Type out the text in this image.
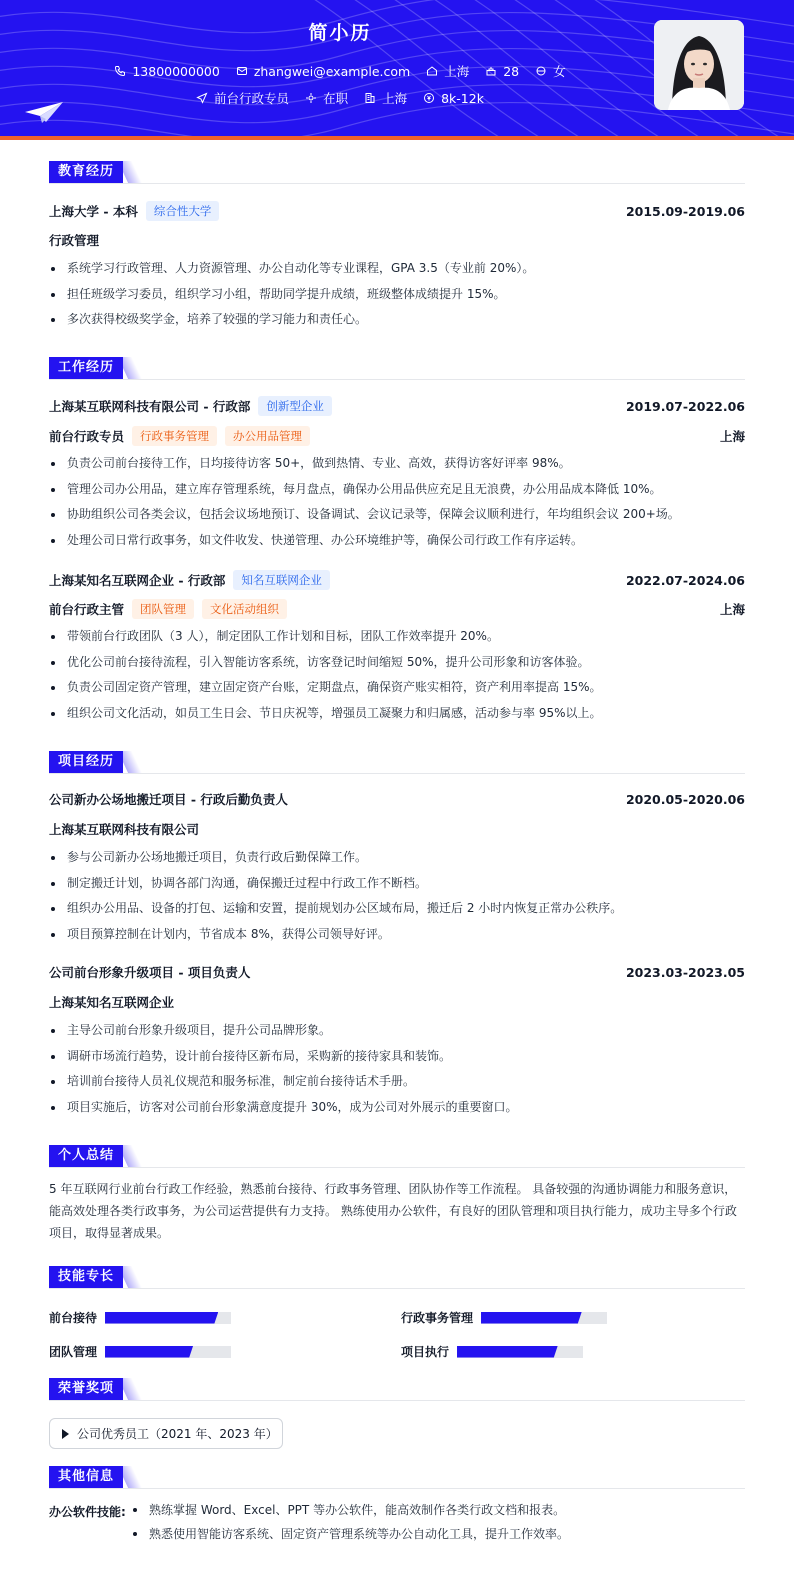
简小历
13800000000	zhangwei@example.com	上海	28	女
前台行政专员	在职	上海	8k-12k
教育经历
上海大学 - 本科	综合性大学	2015.09-2019.06
行政管理
系统学习行政管理、人力资源管理、办公自动化等专业课程，GPA 3.5（专业前 20%）。
担任班级学习委员，组织学习小组，帮助同学提升成绩，班级整体成绩提升 15%。
多次获得校级奖学金，培养了较强的学习能力和责任心。
工作经历
上海某互联网科技有限公司 - 行政部	创新型企业	2019.07-2022.06
前台行政专员	行政事务管理	办公用品管理	上海
负责公司前台接待工作，日均接待访客 50+，做到热情、专业、高效，获得访客好评率 98%。
管理公司办公用品，建立库存管理系统，每月盘点，确保办公用品供应充足且无浪费，办公用品成本降低 10%。
协助组织公司各类会议，包括会议场地预订、设备调试、会议记录等，保障会议顺利进行，年均组织会议 200+场。
处理公司日常行政事务，如文件收发、快递管理、办公环境维护等，确保公司行政工作有序运转。
上海某知名互联网企业 - 行政部	知名互联网企业	2022.07-2024.06
前台行政主管	团队管理	文化活动组织	上海
带领前台行政团队（3 人），制定团队工作计划和目标，团队工作效率提升 20%。
优化公司前台接待流程，引入智能访客系统，访客登记时间缩短 50%，提升公司形象和访客体验。
负责公司固定资产管理，建立固定资产台账，定期盘点，确保资产账实相符，资产利用率提高 15%。
组织公司文化活动，如员工生日会、节日庆祝等，增强员工凝聚力和归属感，活动参与率 95%以上。
项目经历
公司新办公场地搬迁项目 - 行政后勤负责人	2020.05-2020.06
上海某互联网科技有限公司
参与公司新办公场地搬迁项目，负责行政后勤保障工作。
制定搬迁计划，协调各部门沟通，确保搬迁过程中行政工作不断档。
组织办公用品、设备的打包、运输和安置，提前规划办公区域布局，搬迁后 2 小时内恢复正常办公秩序。
项目预算控制在计划内，节省成本 8%，获得公司领导好评。
公司前台形象升级项目 - 项目负责人	2023.03-2023.05
上海某知名互联网企业
主导公司前台形象升级项目，提升公司品牌形象。
调研市场流行趋势，设计前台接待区新布局，采购新的接待家具和装饰。
培训前台接待人员礼仪规范和服务标准，制定前台接待话术手册。
项目实施后，访客对公司前台形象满意度提升 30%，成为公司对外展示的重要窗口。
个人总结
5 年互联网行业前台行政工作经验，熟悉前台接待、行政事务管理、团队协作等工作流程。 具备较强的沟通协调能力和服务意识，
能高效处理各类行政事务，为公司运营提供有力支持。 熟练使用办公软件，有良好的团队管理和项目执行能力，成功主导多个行政
项目，取得显著成果。
技能专长
前台接待	行政事务管理
团队管理	项目执行
荣誉奖项
公司优秀员工（2021 年、2023 年）
其他信息
办公软件技能:	熟练掌握 Word、Excel、PPT 等办公软件，能高效制作各类行政文档和报表。
熟悉使用智能访客系统、固定资产管理系统等办公自动化工具，提升工作效率。
